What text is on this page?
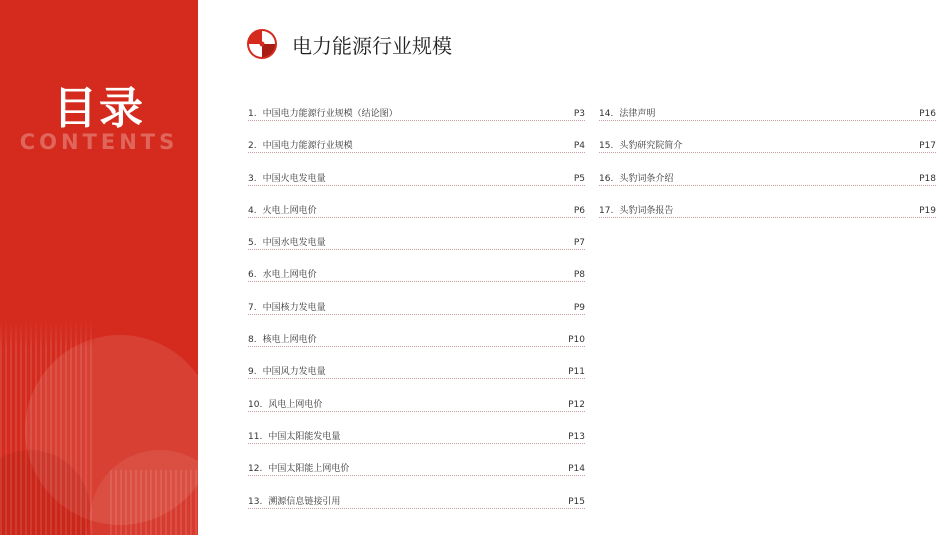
目录
CONTENTS
电力能源行业规模
1. 中国电力能源行业规模（结论图）	P3
2. 中国电力能源行业规模	P4
3. 中国火电发电量	P5
4. 火电上网电价	P6
5. 中国水电发电量	P7
6. 水电上网电价	P8
7. 中国核力发电量	P9
8. 核电上网电价	P10
9. 中国风力发电量	P11
10. 风电上网电价	P12
11. 中国太阳能发电量	P13
12. 中国太阳能上网电价	P14
13. 溯源信息链接引用	P15
14. 法律声明	P16
15. 头豹研究院简介	P17
16. 头豹词条介绍	P18
17. 头豹词条报告	P19
